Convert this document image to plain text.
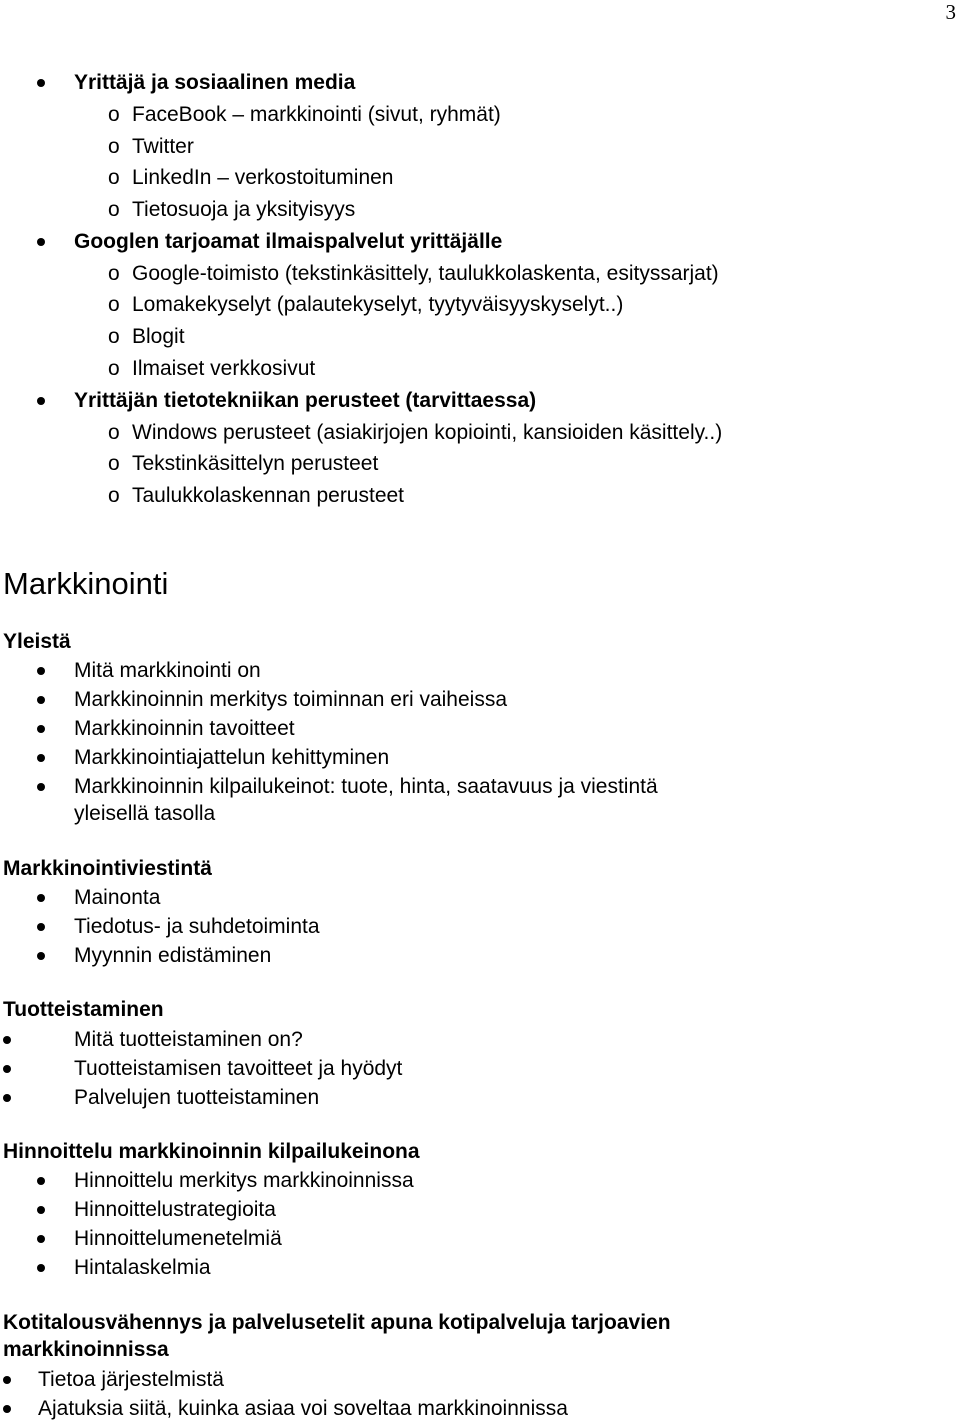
3
Yrittäjä ja sosiaalinen media
o FaceBook – markkinointi (sivut, ryhmät)
o Twitter
o LinkedIn – verkostoituminen
o Tietosuoja ja yksityisyys
Googlen tarjoamat ilmaispalvelut yrittäjälle
o Google-toimisto (tekstinkäsittely, taulukkolaskenta, esityssarjat)
o Lomakekyselyt (palautekyselyt, tyytyväisyyskyselyt..)
o Blogit
o Ilmaiset verkkosivut
Yrittäjän tietotekniikan perusteet (tarvittaessa)
o Windows perusteet (asiakirjojen kopiointi, kansioiden käsittely..)
o Tekstinkäsittelyn perusteet
o Taulukkolaskennan perusteet
Markkinointi
Yleistä
Mitä markkinointi on
Markkinoinnin merkitys toiminnan eri vaiheissa
Markkinoinnin tavoitteet
Markkinointiajattelun kehittyminen
Markkinoinnin kilpailukeinot: tuote, hinta, saatavuus ja viestintä
yleisellä tasolla
Markkinointiviestintä
Mainonta
Tiedotus- ja suhdetoiminta
Myynnin edistäminen
Tuotteistaminen
Mitä tuotteistaminen on?
Tuotteistamisen tavoitteet ja hyödyt
Palvelujen tuotteistaminen
Hinnoittelu markkinoinnin kilpailukeinona
Hinnoittelu merkitys markkinoinnissa
Hinnoittelustrategioita
Hinnoittelumenetelmiä
Hintalaskelmia
Kotitalousvähennys ja palvelusetelit apuna kotipalveluja tarjoavien
markkinoinnissa
Tietoa järjestelmistä
Ajatuksia siitä, kuinka asiaa voi soveltaa markkinoinnissa
